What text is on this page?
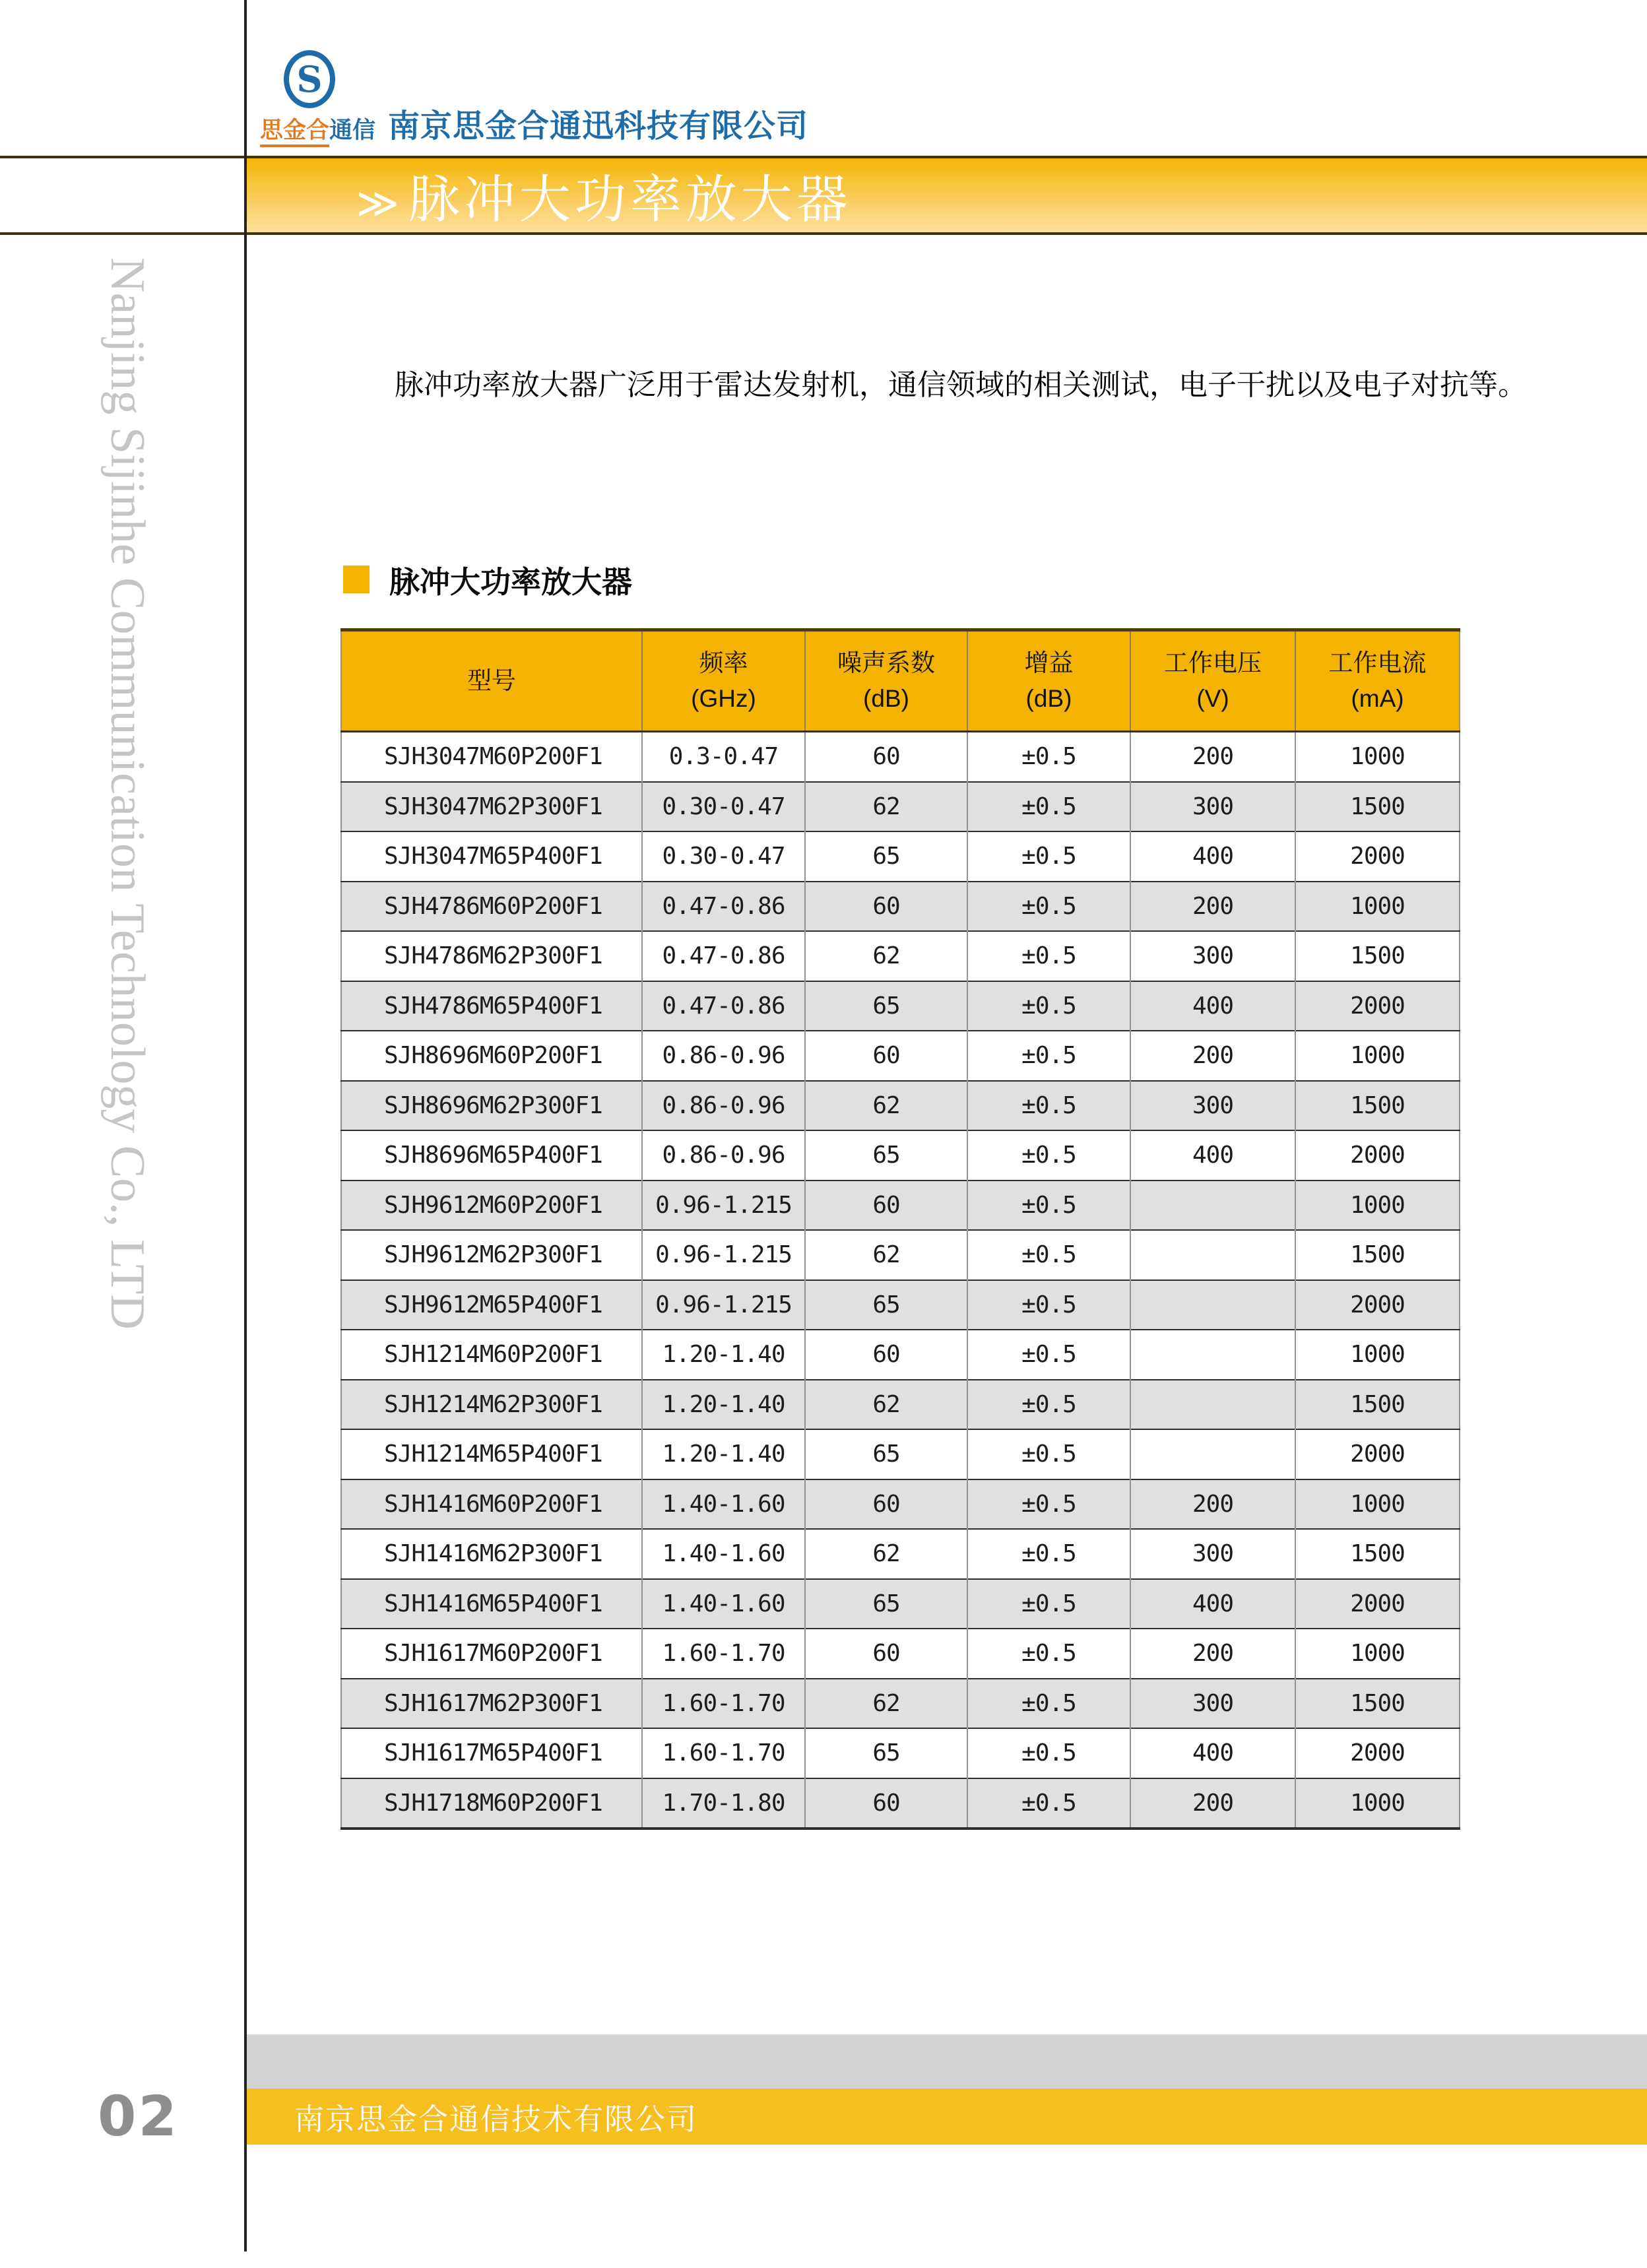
S
思金合通信 南京思金合通迅科技有限公司
≫ 脉冲大功率放大器
Nanjing Sijinhe Communication Technology Co., LTD	脉冲功率放大器广泛用于雷达发射机，通信领域的相关测试，电子干扰以及电子对抗等。
脉冲大功率放大器
型号

频率
(GHz)

噪声系数
(dB)

增益
(dB)

工作电压
(V)

工作电流
(mA)

SJH3047M60P200F1	0.3-0.47	60	±0.5	200	1000
SJH3047M62P300F1	0.30-0.47	62	±0.5	300	1500
SJH3047M65P400F1	0.30-0.47	65	±0.5	400	2000
SJH4786M60P200F1	0.47-0.86	60	±0.5	200	1000
SJH4786M62P300F1	0.47-0.86	62	±0.5	300	1500
SJH4786M65P400F1	0.47-0.86	65	±0.5	400	2000
SJH8696M60P200F1	0.86-0.96	60	±0.5	200	1000
SJH8696M62P300F1	0.86-0.96	62	±0.5	300	1500
SJH8696M65P400F1	0.86-0.96	65	±0.5	400	2000
SJH9612M60P200F1	0.96-1.215	60	±0.5		1000
SJH9612M62P300F1	0.96-1.215	62	±0.5		1500
SJH9612M65P400F1	0.96-1.215	65	±0.5		2000
SJH1214M60P200F1	1.20-1.40	60	±0.5		1000
SJH1214M62P300F1	1.20-1.40	62	±0.5		1500
SJH1214M65P400F1	1.20-1.40	65	±0.5		2000
SJH1416M60P200F1	1.40-1.60	60	±0.5	200	1000
SJH1416M62P300F1	1.40-1.60	62	±0.5	300	1500
SJH1416M65P400F1	1.40-1.60	65	±0.5	400	2000
SJH1617M60P200F1	1.60-1.70	60	±0.5	200	1000
SJH1617M62P300F1	1.60-1.70	62	±0.5	300	1500
SJH1617M65P400F1	1.60-1.70	65	±0.5	400	2000
SJH1718M60P200F1	1.70-1.80	60	±0.5	200	1000
南京思金合通信技术有限公司
02
